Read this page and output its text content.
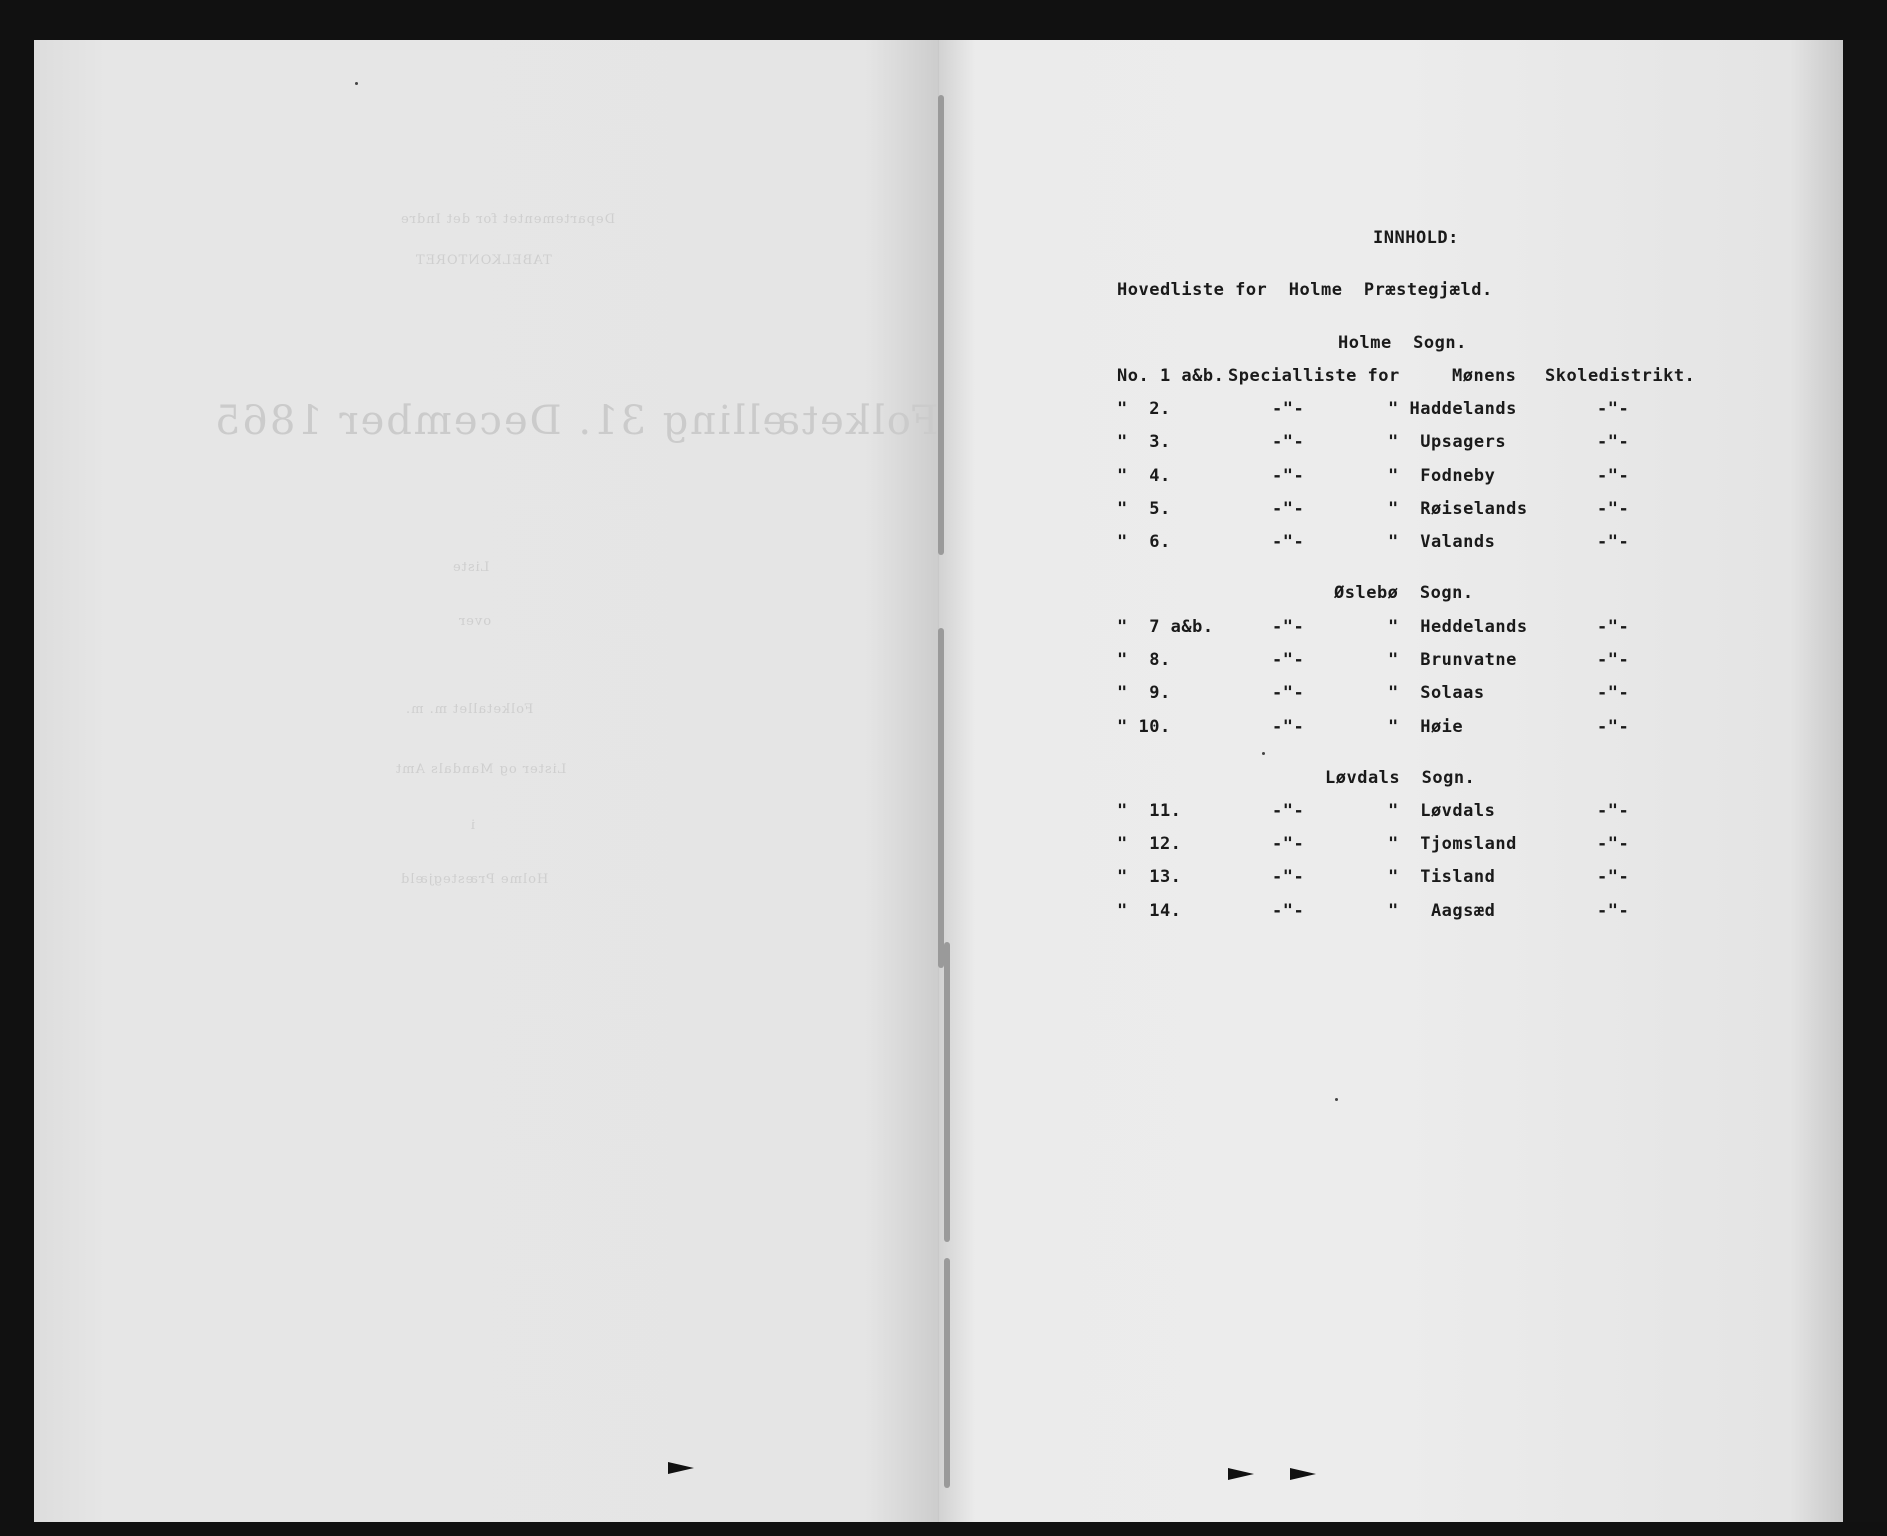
Departementet for det Indre
TABELKONTORET
Folketælling 31. December 1865
Liste
over
Folketallet m. m.
Lister og Mandals Amt
i
Holme Præstegjæld
INNHOLD:
Hovedliste for  Holme  Præstegjæld.
Holme  Sogn.
No. 1 a&b. Specialliste for	Mønens Skoledistrikt.
"  2.	-"-	" Haddelands	-"-
"  3.	-"-	"  Upsagers	-"-
"  4.	-"-	"  Fodneby	-"-
"  5.	-"-	"  Røiselands	-"-
"  6.	-"-	"  Valands	-"-
Øslebø  Sogn.
"  7 a&b.	-"-	"  Heddelands	-"-
"  8.	-"-	"  Brunvatne	-"-
"  9.	-"-	"  Solaas	-"-
" 10.	-"-	"  Høie	-"-
Løvdals  Sogn.
"  11.	-"-	"  Løvdals	-"-
"  12.	-"-	"  Tjomsland	-"-
"  13.	-"-	"  Tisland	-"-
"  14.	-"-	"   Aagsæd	-"-
